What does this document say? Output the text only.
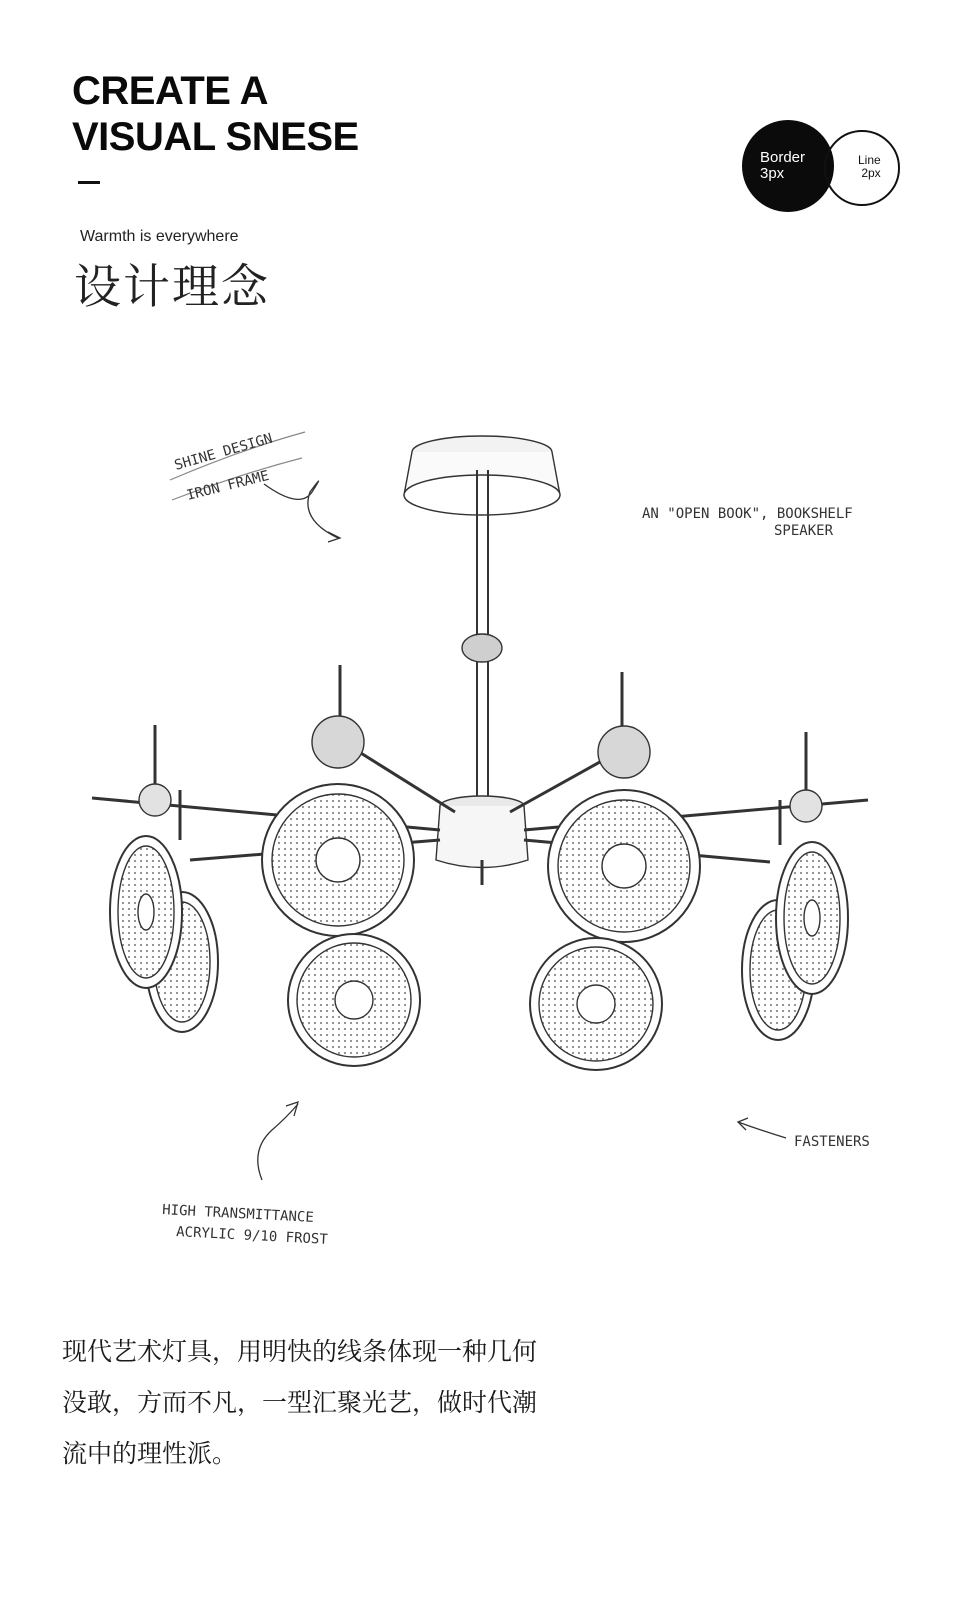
CREATE A
VISUAL SNESE
Warmth is everywhere
设计理念
Border
3px
Line
2px
SHINE DESIGN
IRON FRAME
AN "OPEN BOOK", BOOKSHELF
SPEAKER
FASTENERS
HIGH TRANSMITTANCE
ACRYLIC 9/10 FROST
现代艺术灯具，用明快的线条体现一种几何
没敢，方而不凡，一型汇聚光艺，做时代潮
流中的理性派。
